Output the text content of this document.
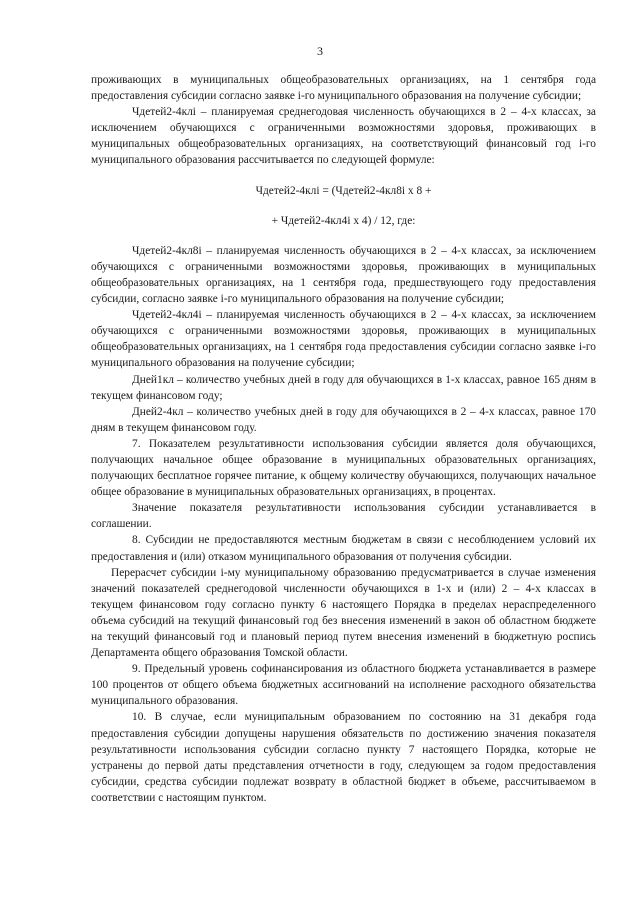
3

проживающих в муниципальных общеобразовательных организациях, на 1 сентября года предоставления субсидии согласно заявке i-го муниципального образования на получение субсидии;

Чдетей2-4клi – планируемая среднегодовая численность обучающихся в 2 – 4-х классах, за исключением обучающихся с ограниченными возможностями здоровья, проживающих в муниципальных общеобразовательных организациях, на соответствующий финансовый год i-го муниципального образования рассчитывается по следующей формуле:

Чдетей2-4клi = (Чдетей2-4кл8i х 8 +

+ Чдетей2-4кл4i х 4) / 12, где:

Чдетей2-4кл8i – планируемая численность обучающихся в 2 – 4-х классах, за исключением обучающихся с ограниченными возможностями здоровья, проживающих в муниципальных общеобразовательных организациях, на 1 сентября года, предшествующего году предоставления субсидии, согласно заявке i-го муниципального образования на получение субсидии;

Чдетей2-4кл4i – планируемая численность обучающихся в 2 – 4-х классах, за исключением обучающихся с ограниченными возможностями здоровья, проживающих в муниципальных общеобразовательных организациях, на 1 сентября года предоставления субсидии согласно заявке i-го муниципального образования на получение субсидии;

Дней1кл – количество учебных дней в году для обучающихся в 1-х классах, равное 165 дням в текущем финансовом году;

Дней2-4кл – количество учебных дней в году для обучающихся в 2 – 4-х классах, равное 170 дням в текущем финансовом году.

7. Показателем результативности использования субсидии является доля обучающихся, получающих начальное общее образование в муниципальных образовательных организациях, получающих бесплатное горячее питание, к общему количеству обучающихся, получающих начальное общее образование в муниципальных образовательных организациях, в процентах.

Значение показателя результативности использования субсидии устанавливается в соглашении.

8. Субсидии не предоставляются местным бюджетам в связи с несоблюдением условий их предоставления и (или) отказом муниципального образования от получения субсидии.

Перерасчет субсидии i-му муниципальному образованию предусматривается в случае изменения значений показателей среднегодовой численности обучающихся в 1-х и (или) 2 – 4-х классах в текущем финансовом году согласно пункту 6 настоящего Порядка в пределах нераспределенного объема субсидий на текущий финансовый год без внесения изменений в закон об областном бюджете на текущий финансовый год и плановый период путем внесения изменений в бюджетную роспись Департамента общего образования Томской области.

9. Предельный уровень софинансирования из областного бюджета устанавливается в размере 100 процентов от общего объема бюджетных ассигнований на исполнение расходного обязательства муниципального образования.

10. В случае, если муниципальным образованием по состоянию на 31 декабря года предоставления субсидии допущены нарушения обязательств по достижению значения показателя результативности использования субсидии согласно пункту 7 настоящего Порядка, которые не устранены до первой даты представления отчетности в году, следующем за годом предоставления субсидии, средства субсидии подлежат возврату в областной бюджет в объеме, рассчитываемом в соответствии с настоящим пунктом.
